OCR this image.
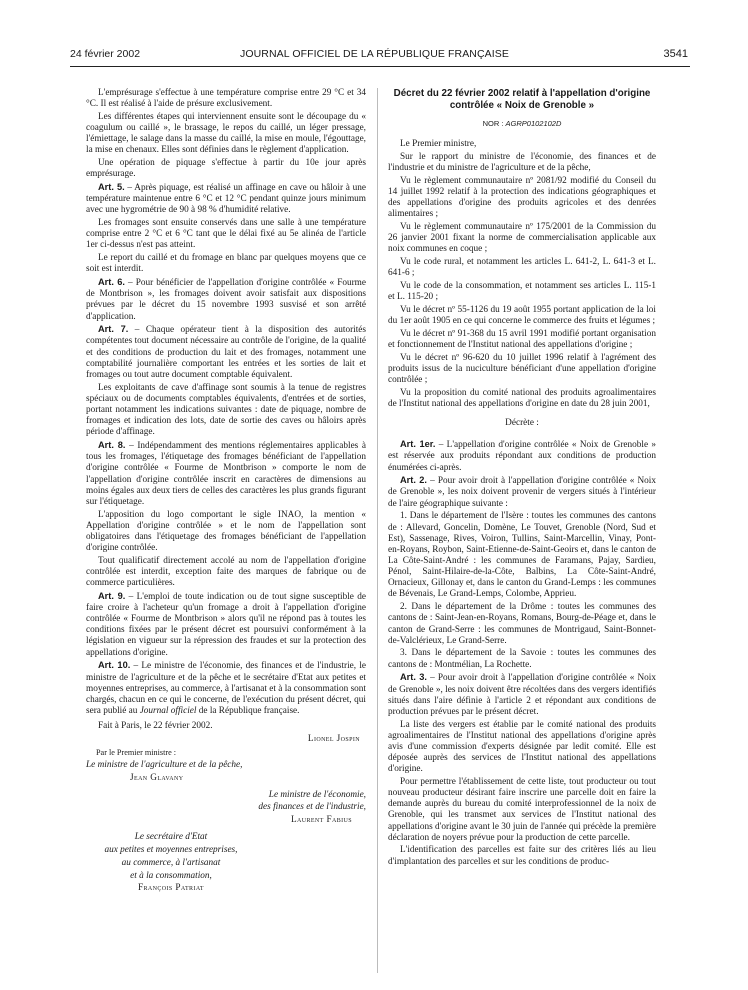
24 février 2002	JOURNAL OFFICIEL DE LA RÉPUBLIQUE FRANÇAISE	3541

L'emprésurage s'effectue à une température comprise entre 29 °C et 34 °C. Il est réalisé à l'aide de présure exclusivement.

Les différentes étapes qui interviennent ensuite sont le découpage du « coagulum ou caillé », le brassage, le repos du caillé, un léger pressage, l'émiettage, le salage dans la masse du caillé, la mise en moule, l'égouttage, la mise en chenaux. Elles sont définies dans le règlement d'application.

Une opération de piquage s'effectue à partir du 10e jour après emprésurage.

Art. 5. – Après piquage, est réalisé un affinage en cave ou hâloir à une température maintenue entre 6 °C et 12 °C pendant quinze jours minimum avec une hygrométrie de 90 à 98 % d'humidité relative.

Les fromages sont ensuite conservés dans une salle à une température comprise entre 2 °C et 6 °C tant que le délai fixé au 5e alinéa de l'article 1er ci-dessus n'est pas atteint.

Le report du caillé et du fromage en blanc par quelques moyens que ce soit est interdit.

Art. 6. – Pour bénéficier de l'appellation d'origine contrôlée « Fourme de Montbrison », les fromages doivent avoir satisfait aux dispositions prévues par le décret du 15 novembre 1993 susvisé et son arrêté d'application.

Art. 7. – Chaque opérateur tient à la disposition des autorités compétentes tout document nécessaire au contrôle de l'origine, de la qualité et des conditions de production du lait et des fromages, notamment une comptabilité journalière comportant les entrées et les sorties de lait et fromages ou tout autre document comptable équivalent.

Les exploitants de cave d'affinage sont soumis à la tenue de registres spéciaux ou de documents comptables équivalents, d'entrées et de sorties, portant notamment les indications suivantes : date de piquage, nombre de fromages et indication des lots, date de sortie des caves ou hâloirs après période d'affinage.

Art. 8. – Indépendamment des mentions réglementaires applicables à tous les fromages, l'étiquetage des fromages bénéficiant de l'appellation d'origine contrôlée « Fourme de Montbrison » comporte le nom de l'appellation d'origine contrôlée inscrit en caractères de dimensions au moins égales aux deux tiers de celles des caractères les plus grands figurant sur l'étiquetage.

L'apposition du logo comportant le sigle INAO, la mention « Appellation d'origine contrôlée » et le nom de l'appellation sont obligatoires dans l'étiquetage des fromages bénéficiant de l'appellation d'origine contrôlée.

Tout qualificatif directement accolé au nom de l'appellation d'origine contrôlée est interdit, exception faite des marques de fabrique ou de commerce particulières.

Art. 9. – L'emploi de toute indication ou de tout signe susceptible de faire croire à l'acheteur qu'un fromage a droit à l'appellation d'origine contrôlée « Fourme de Montbrison » alors qu'il ne répond pas à toutes les conditions fixées par le présent décret est poursuivi conformément à la législation en vigueur sur la répression des fraudes et sur la protection des appellations d'origine.

Art. 10. – Le ministre de l'économie, des finances et de l'industrie, le ministre de l'agriculture et de la pêche et le secrétaire d'Etat aux petites et moyennes entreprises, au commerce, à l'artisanat et à la consommation sont chargés, chacun en ce qui le concerne, de l'exécution du présent décret, qui sera publié au Journal officiel de la République française.

Fait à Paris, le 22 février 2002.

Lionel Jospin

Par le Premier ministre :

Le ministre de l'agriculture et de la pêche,

Jean Glavany

Le ministre de l'économie,

des finances et de l'industrie,

Laurent Fabius

Le secrétaire d'Etat

aux petites et moyennes entreprises,

au commerce, à l'artisanat

et à la consommation,

François Patriat

Décret du 22 février 2002 relatif à l'appellation d'origine contrôlée « Noix de Grenoble »
NOR : AGRP0102102D

Le Premier ministre,

Sur le rapport du ministre de l'économie, des finances et de l'industrie et du ministre de l'agriculture et de la pêche,

Vu le règlement communautaire nº 2081/92 modifié du Conseil du 14 juillet 1992 relatif à la protection des indications géographiques et des appellations d'origine des produits agricoles et des denrées alimentaires ;

Vu le règlement communautaire nº 175/2001 de la Commission du 26 janvier 2001 fixant la norme de commercialisation applicable aux noix communes en coque ;

Vu le code rural, et notamment les articles L. 641-2, L. 641-3 et L. 641-6 ;

Vu le code de la consommation, et notamment ses articles L. 115-1 et L. 115-20 ;

Vu le décret nº 55-1126 du 19 août 1955 portant application de la loi du 1er août 1905 en ce qui concerne le commerce des fruits et légumes ;

Vu le décret nº 91-368 du 15 avril 1991 modifié portant organisation et fonctionnement de l'Institut national des appellations d'origine ;

Vu le décret nº 96-620 du 10 juillet 1996 relatif à l'agrément des produits issus de la nuciculture bénéficiant d'une appellation d'origine contrôlée ;

Vu la proposition du comité national des produits agroalimentaires de l'Institut national des appellations d'origine en date du 28 juin 2001,

Décrète :

Art. 1er. – L'appellation d'origine contrôlée « Noix de Grenoble » est réservée aux produits répondant aux conditions de production énumérées ci-après.

Art. 2. – Pour avoir droit à l'appellation d'origine contrôlée « Noix de Grenoble », les noix doivent provenir de vergers situés à l'intérieur de l'aire géographique suivante :

1. Dans le département de l'Isère : toutes les communes des cantons de : Allevard, Goncelin, Domène, Le Touvet, Grenoble (Nord, Sud et Est), Sassenage, Rives, Voiron, Tullins, Saint-Marcellin, Vinay, Pont-en-Royans, Roybon, Saint-Etienne-de-Saint-Geoirs et, dans le canton de La Côte-Saint-André : les communes de Faramans, Pajay, Sardieu, Pénol, Saint-Hilaire-de-la-Côte, Balbins, La Côte-Saint-André, Ornacieux, Gillonay et, dans le canton du Grand-Lemps : les communes de Bévenais, Le Grand-Lemps, Colombe, Apprieu.

2. Dans le département de la Drôme : toutes les communes des cantons de : Saint-Jean-en-Royans, Romans, Bourg-de-Péage et, dans le canton de Grand-Serre : les communes de Montrigaud, Saint-Bonnet-de-Valclérieux, Le Grand-Serre.

3. Dans le département de la Savoie : toutes les communes des cantons de : Montmélian, La Rochette.

Art. 3. – Pour avoir droit à l'appellation d'origine contrôlée « Noix de Grenoble », les noix doivent être récoltées dans des vergers identifiés situés dans l'aire définie à l'article 2 et répondant aux conditions de production prévues par le présent décret.

La liste des vergers est établie par le comité national des produits agroalimentaires de l'Institut national des appellations d'origine après avis d'une commission d'experts désignée par ledit comité. Elle est déposée auprès des services de l'Institut national des appellations d'origine.

Pour permettre l'établissement de cette liste, tout producteur ou tout nouveau producteur désirant faire inscrire une parcelle doit en faire la demande auprès du bureau du comité interprofessionnel de la noix de Grenoble, qui les transmet aux services de l'Institut national des appellations d'origine avant le 30 juin de l'année qui précède la première déclaration de noyers prévue pour la production de cette parcelle.

L'identification des parcelles est faite sur des critères liés au lieu d'implantation des parcelles et sur les conditions de produc-
